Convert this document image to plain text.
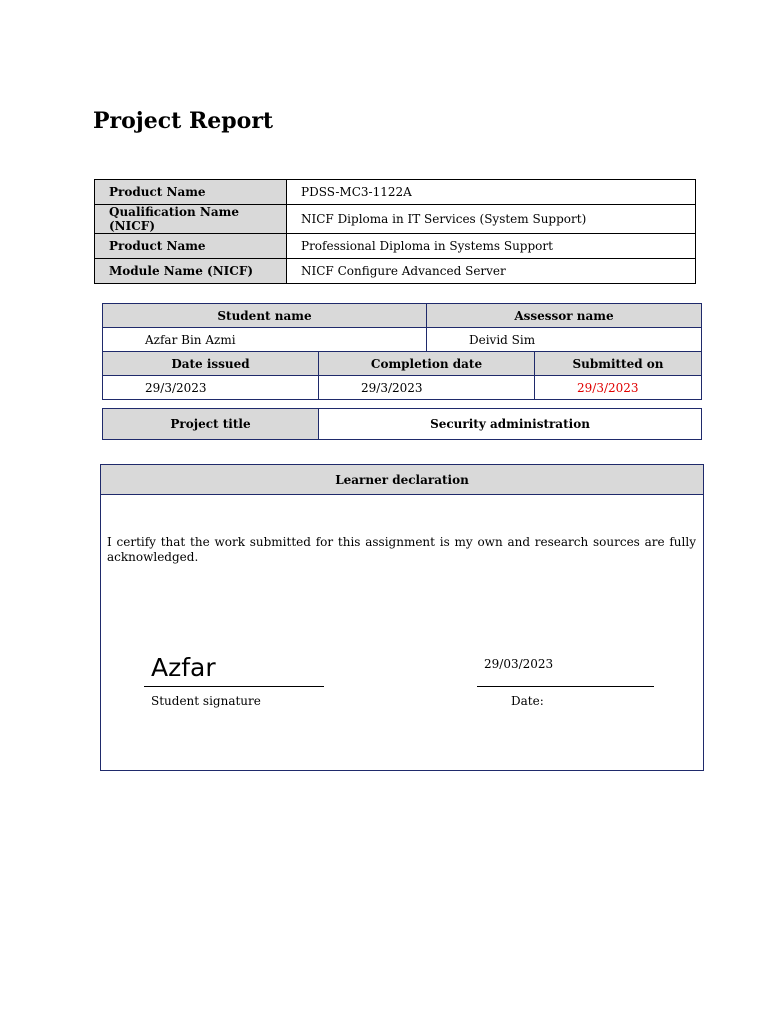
Project Report
Product Name	PDSS-MC3-1122A
Qualification Name (NICF)	NICF Diploma in IT Services (System Support)
Product Name	Professional Diploma in Systems Support
Module Name (NICF)	NICF Configure Advanced Server
Student name		Assessor name	
Azfar Bin Azmi		Deivid Sim	
Date issued	Completion date		Submitted on
29/3/2023	29/3/2023		29/3/2023
Project title	Security administration
Learner declaration
I certify that the work submitted for this assignment is my own and research sources are fully acknowledged.
Azfar	29/03/2023
Student signature	Date:
